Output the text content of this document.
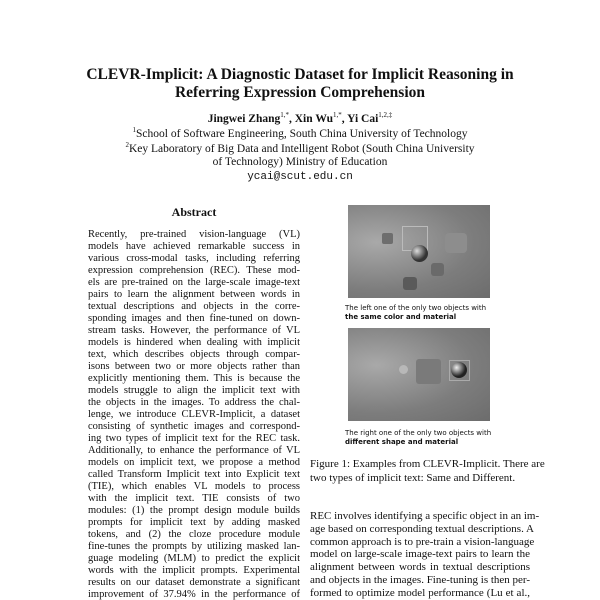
CLEVR-Implicit: A Diagnostic Dataset for Implicit Reasoning in
Referring Expression Comprehension
Jingwei Zhang$^{1,*}$, Xin $Wu^{1,*}$, Yi Cai$^{1,2,\ddagger}$
$^1$School of Software Engineering, South China University of Technology
$^2$Key Laboratory of Big Data and Intelligent Robot (South China University
of Technology) Ministry of Education
ycai@scut.edu.cn
Abstract
Recently, pre-trained vision-language (VL)
models have achieved remarkable success in
various cross-modal tasks, including referring
expression comprehension (REC). These mod-
els are pre-trained on the large-scale image-text
pairs to learn the alignment between words in
textual descriptions and objects in the corre-
sponding images and then fine-tuned on down-
stream tasks. However, the performance of VL
models is hindered when dealing with implicit
text, which describes objects through compar-
isons between two or more objects rather than
explicitly mentioning them. This is because the
models struggle to align the implicit text with
the objects in the images. To address the chal-
lenge, we introduce CLEVR-Implicit, a dataset
consisting of synthetic images and correspond-
ing two types of implicit text for the REC task.
Additionally, to enhance the performance of VL
models on implicit text, we propose a method
called Transform Implicit text into Explicit text
(TIE), which enables VL models to process
with the implicit text. TIE consists of two
modules: (1) the prompt design module builds
prompts for implicit text by adding masked
tokens, and (2) the cloze procedure module
fine-tunes the prompts by utilizing masked lan-
guage modeling (MLM) to predict the explicit
words with the implicit prompts. Experimental
results on our dataset demonstrate a significant
improvement of 37.94% in the performance of
The left one of the only two objects with
the same color and material
The right one of the only two objects with
different shape and material
Figure 1: Examples from CLEVR-Implicit. There are
two types of implicit text: Same and Different.
REC involves identifying a specific object in an im-
age based on corresponding textual descriptions. A
common approach is to pre-train a vision-language
model on large-scale image-text pairs to learn the
alignment between words in textual descriptions
and objects in the images. Fine-tuning is then per-
formed to optimize model performance (Lu et al.,
